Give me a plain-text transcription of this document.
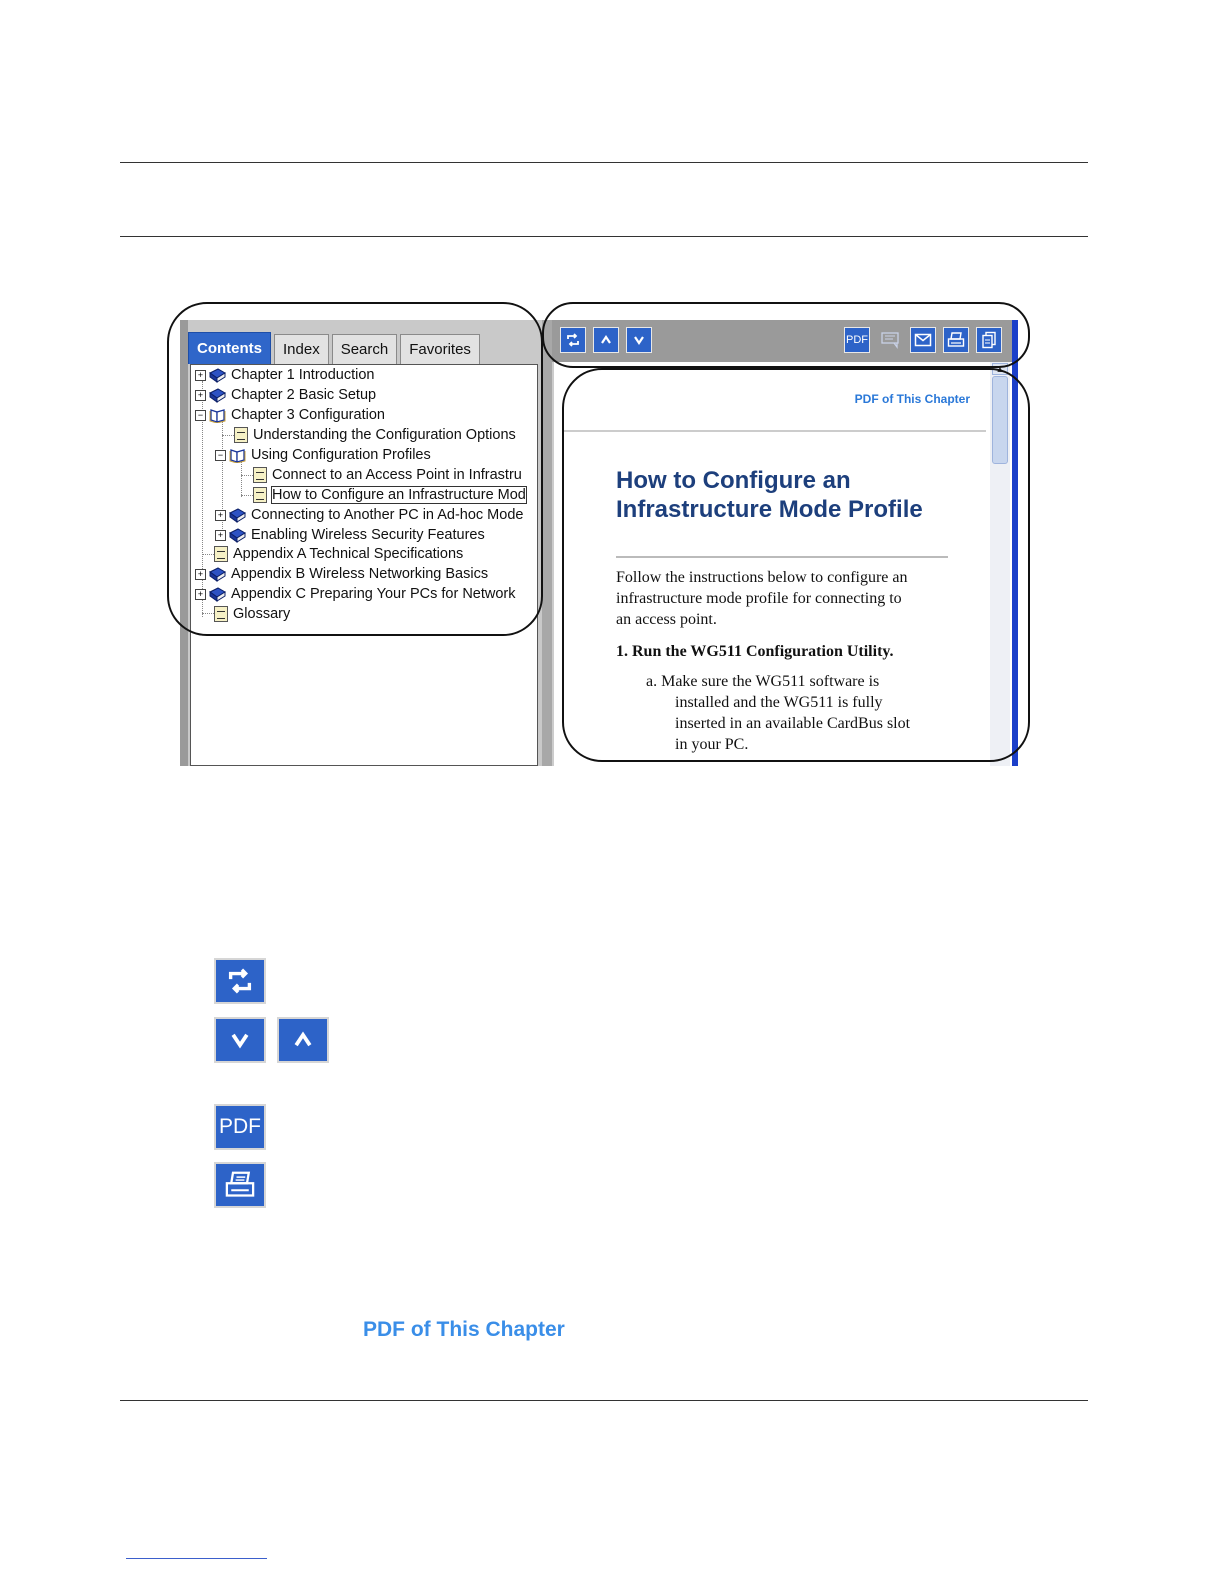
Contents	Index	Search	Favorites
+ Chapter 1 Introduction
+ Chapter 2 Basic Setup
− Chapter 3 Configuration
Understanding the Configuration Options
− Using Configuration Profiles
Connect to an Access Point in Infrastru
How to Configure an Infrastructure Mod
+ Connecting to Another PC in Ad-hoc Mode
+ Enabling Wireless Security Features
Appendix A Technical Specifications
+ Appendix B Wireless Networking Basics
+ Appendix C Preparing Your PCs for Network
Glossary
PDF
PDF of This Chapter
How to Configure an
Infrastructure Mode Profile
Follow the instructions below to configure an
infrastructure mode profile for connecting to
an access point.
1. Run the WG511 Configuration Utility.
a. Make sure the WG511 software is
installed and the WG511 is fully
inserted in an available CardBus slot
in your PC.
▲
PDF
PDF of This Chapter
